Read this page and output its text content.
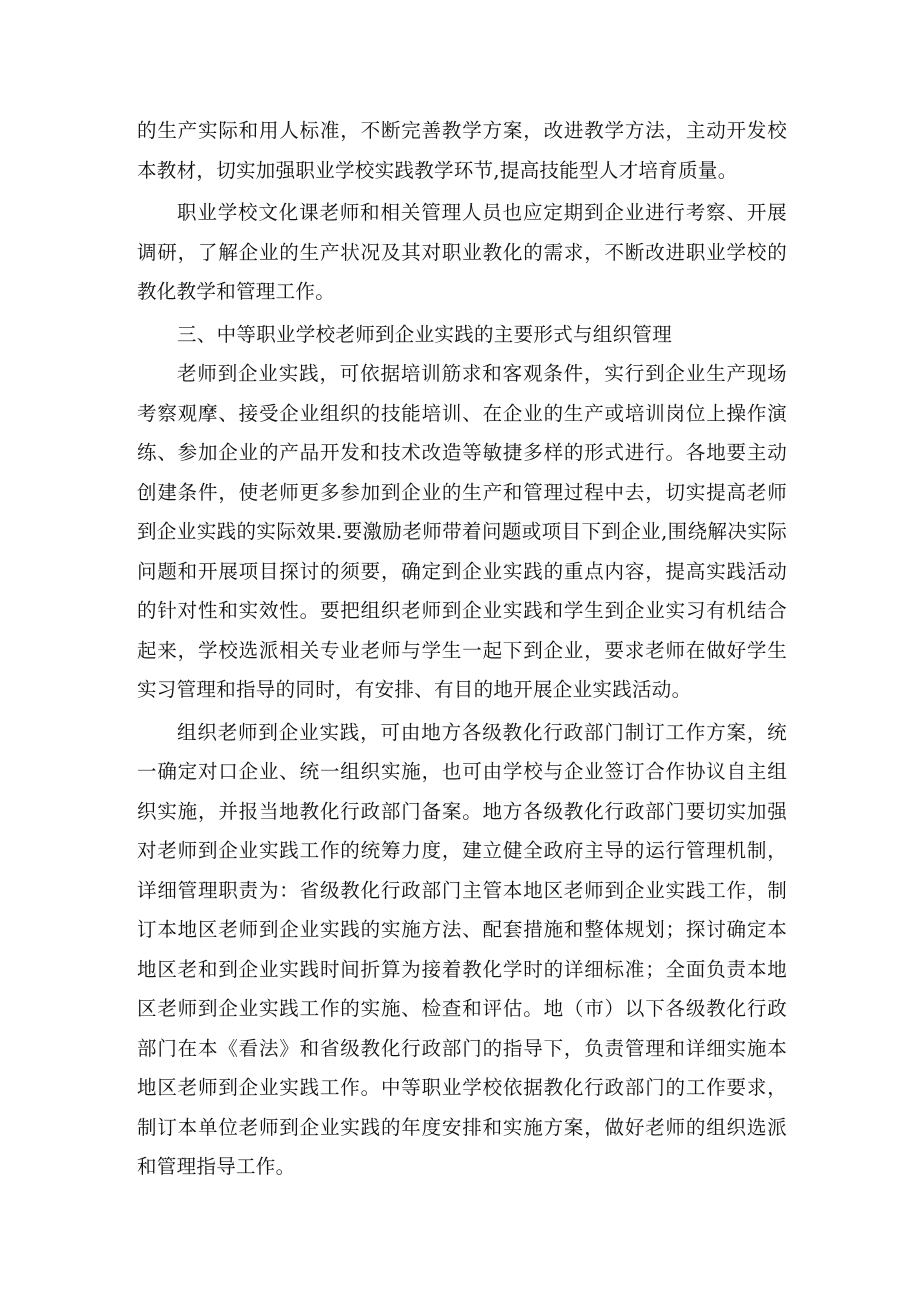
的生产实际和用人标准，不断完善教学方案，改进教学方法，主动开发校本教材，切实加强职业学校实践教学环节,提高技能型人才培育质量。

职业学校文化课老师和相关管理人员也应定期到企业进行考察、开展调研，了解企业的生产状况及其对职业教化的需求，不断改进职业学校的教化教学和管理工作。

三、中等职业学校老师到企业实践的主要形式与组织管理

老师到企业实践，可依据培训筋求和客观条件，实行到企业生产现场考察观摩、接受企业组织的技能培训、在企业的生产或培训岗位上操作演练、参加企业的产品开发和技术改造等敏捷多样的形式进行。各地要主动创建条件，使老师更多参加到企业的生产和管理过程中去，切实提高老师到企业实践的实际效果.要激励老师带着问题或项目下到企业,围绕解决实际问题和开展项目探讨的须要，确定到企业实践的重点内容，提高实践活动的针对性和实效性。要把组织老师到企业实践和学生到企业实习有机结合起来，学校选派相关专业老师与学生一起下到企业，要求老师在做好学生实习管理和指导的同时，有安排、有目的地开展企业实践活动。

组织老师到企业实践，可由地方各级教化行政部门制订工作方案，统一确定对口企业、统一组织实施，也可由学校与企业签订合作协议自主组织实施，并报当地教化行政部门备案。地方各级教化行政部门要切实加强对老师到企业实践工作的统筹力度，建立健全政府主导的运行管理机制，详细管理职责为：省级教化行政部门主管本地区老师到企业实践工作，制订本地区老师到企业实践的实施方法、配套措施和整体规划；探讨确定本地区老和到企业实践时间折算为接着教化学时的详细标准；全面负责本地区老师到企业实践工作的实施、检查和评估。地（市）以下各级教化行政部门在本《看法》和省级教化行政部门的指导下，负责管理和详细实施本地区老师到企业实践工作。中等职业学校依据教化行政部门的工作要求，制订本单位老师到企业实践的年度安排和实施方案，做好老师的组织选派和管理指导工作。
